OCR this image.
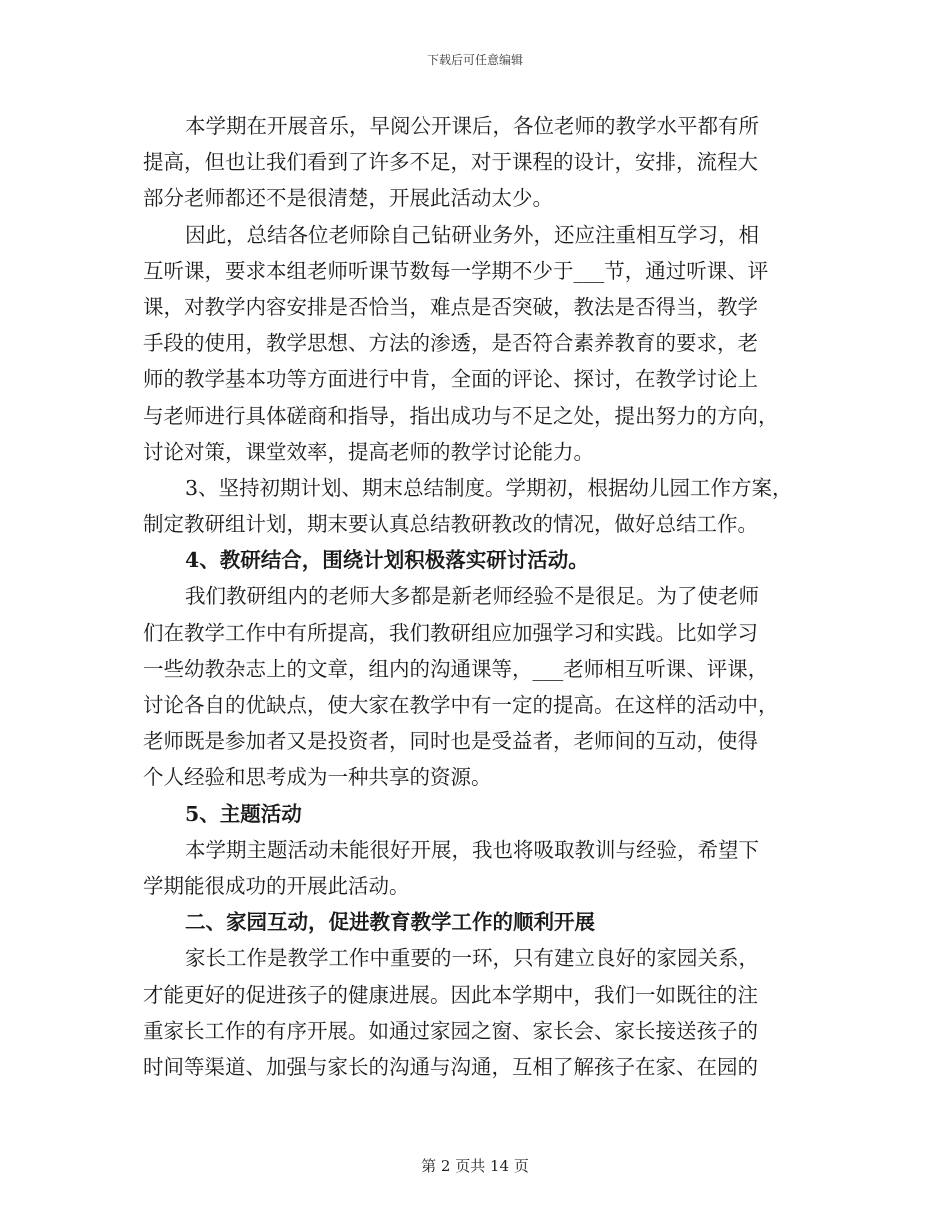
下载后可任意编辑
本学期在开展音乐，早阅公开课后，各位老师的教学水平都有所
提高，但也让我们看到了许多不足，对于课程的设计，安排，流程大
部分老师都还不是很清楚，开展此活动太少。
因此，总结各位老师除自己钻研业务外，还应注重相互学习，相
互听课，要求本组老师听课节数每一学期不少于___节，通过听课、评
课，对教学内容安排是否恰当，难点是否突破，教法是否得当，教学
手段的使用，教学思想、方法的渗透，是否符合素养教育的要求，老
师的教学基本功等方面进行中肯，全面的评论、探讨，在教学讨论上
与老师进行具体磋商和指导，指出成功与不足之处，提出努力的方向，
讨论对策，课堂效率，提高老师的教学讨论能力。
3、坚持初期计划、期末总结制度。学期初，根据幼儿园工作方案，
制定教研组计划，期末要认真总结教研教改的情况，做好总结工作。
4、教研结合，围绕计划积极落实研讨活动。
我们教研组内的老师大多都是新老师经验不是很足。为了使老师
们在教学工作中有所提高，我们教研组应加强学习和实践。比如学习
一些幼教杂志上的文章，组内的沟通课等，___老师相互听课、评课，
讨论各自的优缺点，使大家在教学中有一定的提高。在这样的活动中，
老师既是参加者又是投资者，同时也是受益者，老师间的互动，使得
个人经验和思考成为一种共享的资源。
5、主题活动
本学期主题活动未能很好开展，我也将吸取教训与经验，希望下
学期能很成功的开展此活动。
二、家园互动，促进教育教学工作的顺利开展
家长工作是教学工作中重要的一环，只有建立良好的家园关系，
才能更好的促进孩子的健康进展。因此本学期中，我们一如既往的注
重家长工作的有序开展。如通过家园之窗、家长会、家长接送孩子的
时间等渠道、加强与家长的沟通与沟通，互相了解孩子在家、在园的
第 2 页共 14 页
